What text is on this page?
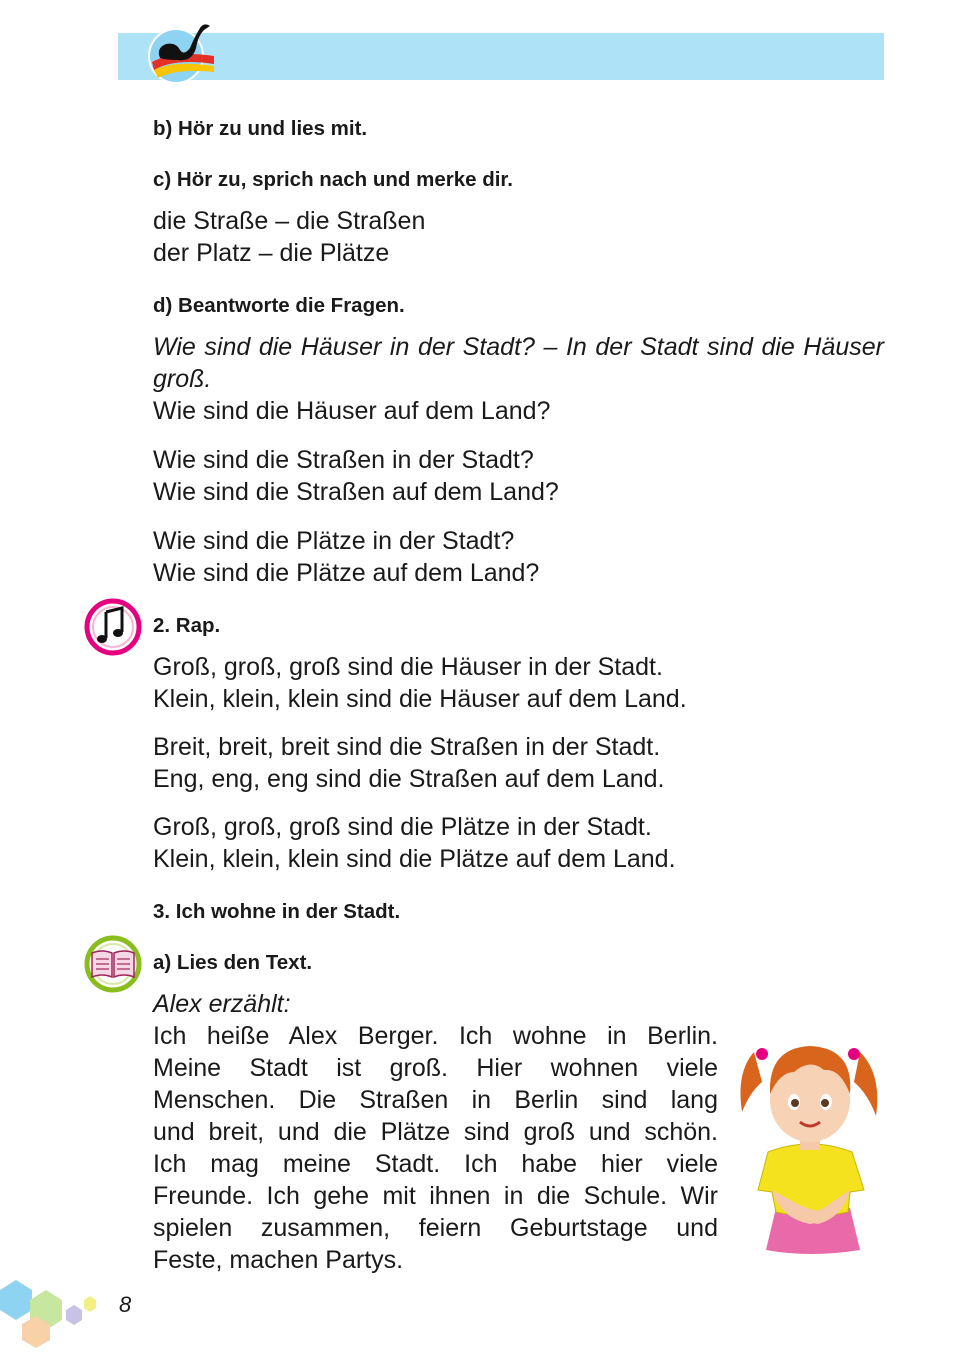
b) Hör zu und lies mit.
c) Hör zu, sprich nach und merke dir.
die Straße – die Straßen
der Platz – die Plätze
d) Beantworte die Fragen.
Wie sind die Häuser in der Stadt? – In der Stadt sind die Häuser groß.
Wie sind die Häuser auf dem Land?
Wie sind die Straßen in der Stadt?
Wie sind die Straßen auf dem Land?
Wie sind die Plätze in der Stadt?
Wie sind die Plätze auf dem Land?
2. Rap.
Groß, groß, groß sind die Häuser in der Stadt.
Klein, klein, klein sind die Häuser auf dem Land.
Breit, breit, breit sind die Straßen in der Stadt.
Eng, eng, eng sind die Straßen auf dem Land.
Groß, groß, groß sind die Plätze in der Stadt.
Klein, klein, klein sind die Plätze auf dem Land.
3. Ich wohne in der Stadt.
a) Lies den Text.
Alex erzählt:
Ich heiße Alex Berger. Ich wohne in Berlin.
Meine Stadt ist groß. Hier wohnen viele
Menschen. Die Straßen in Berlin sind lang
und breit, und die Plätze sind groß und schön.
Ich mag meine Stadt. Ich habe hier viele
Freunde. Ich gehe mit ihnen in die Schule. Wir
spielen zusammen, feiern Geburtstage und
Feste, machen Partys.
8
